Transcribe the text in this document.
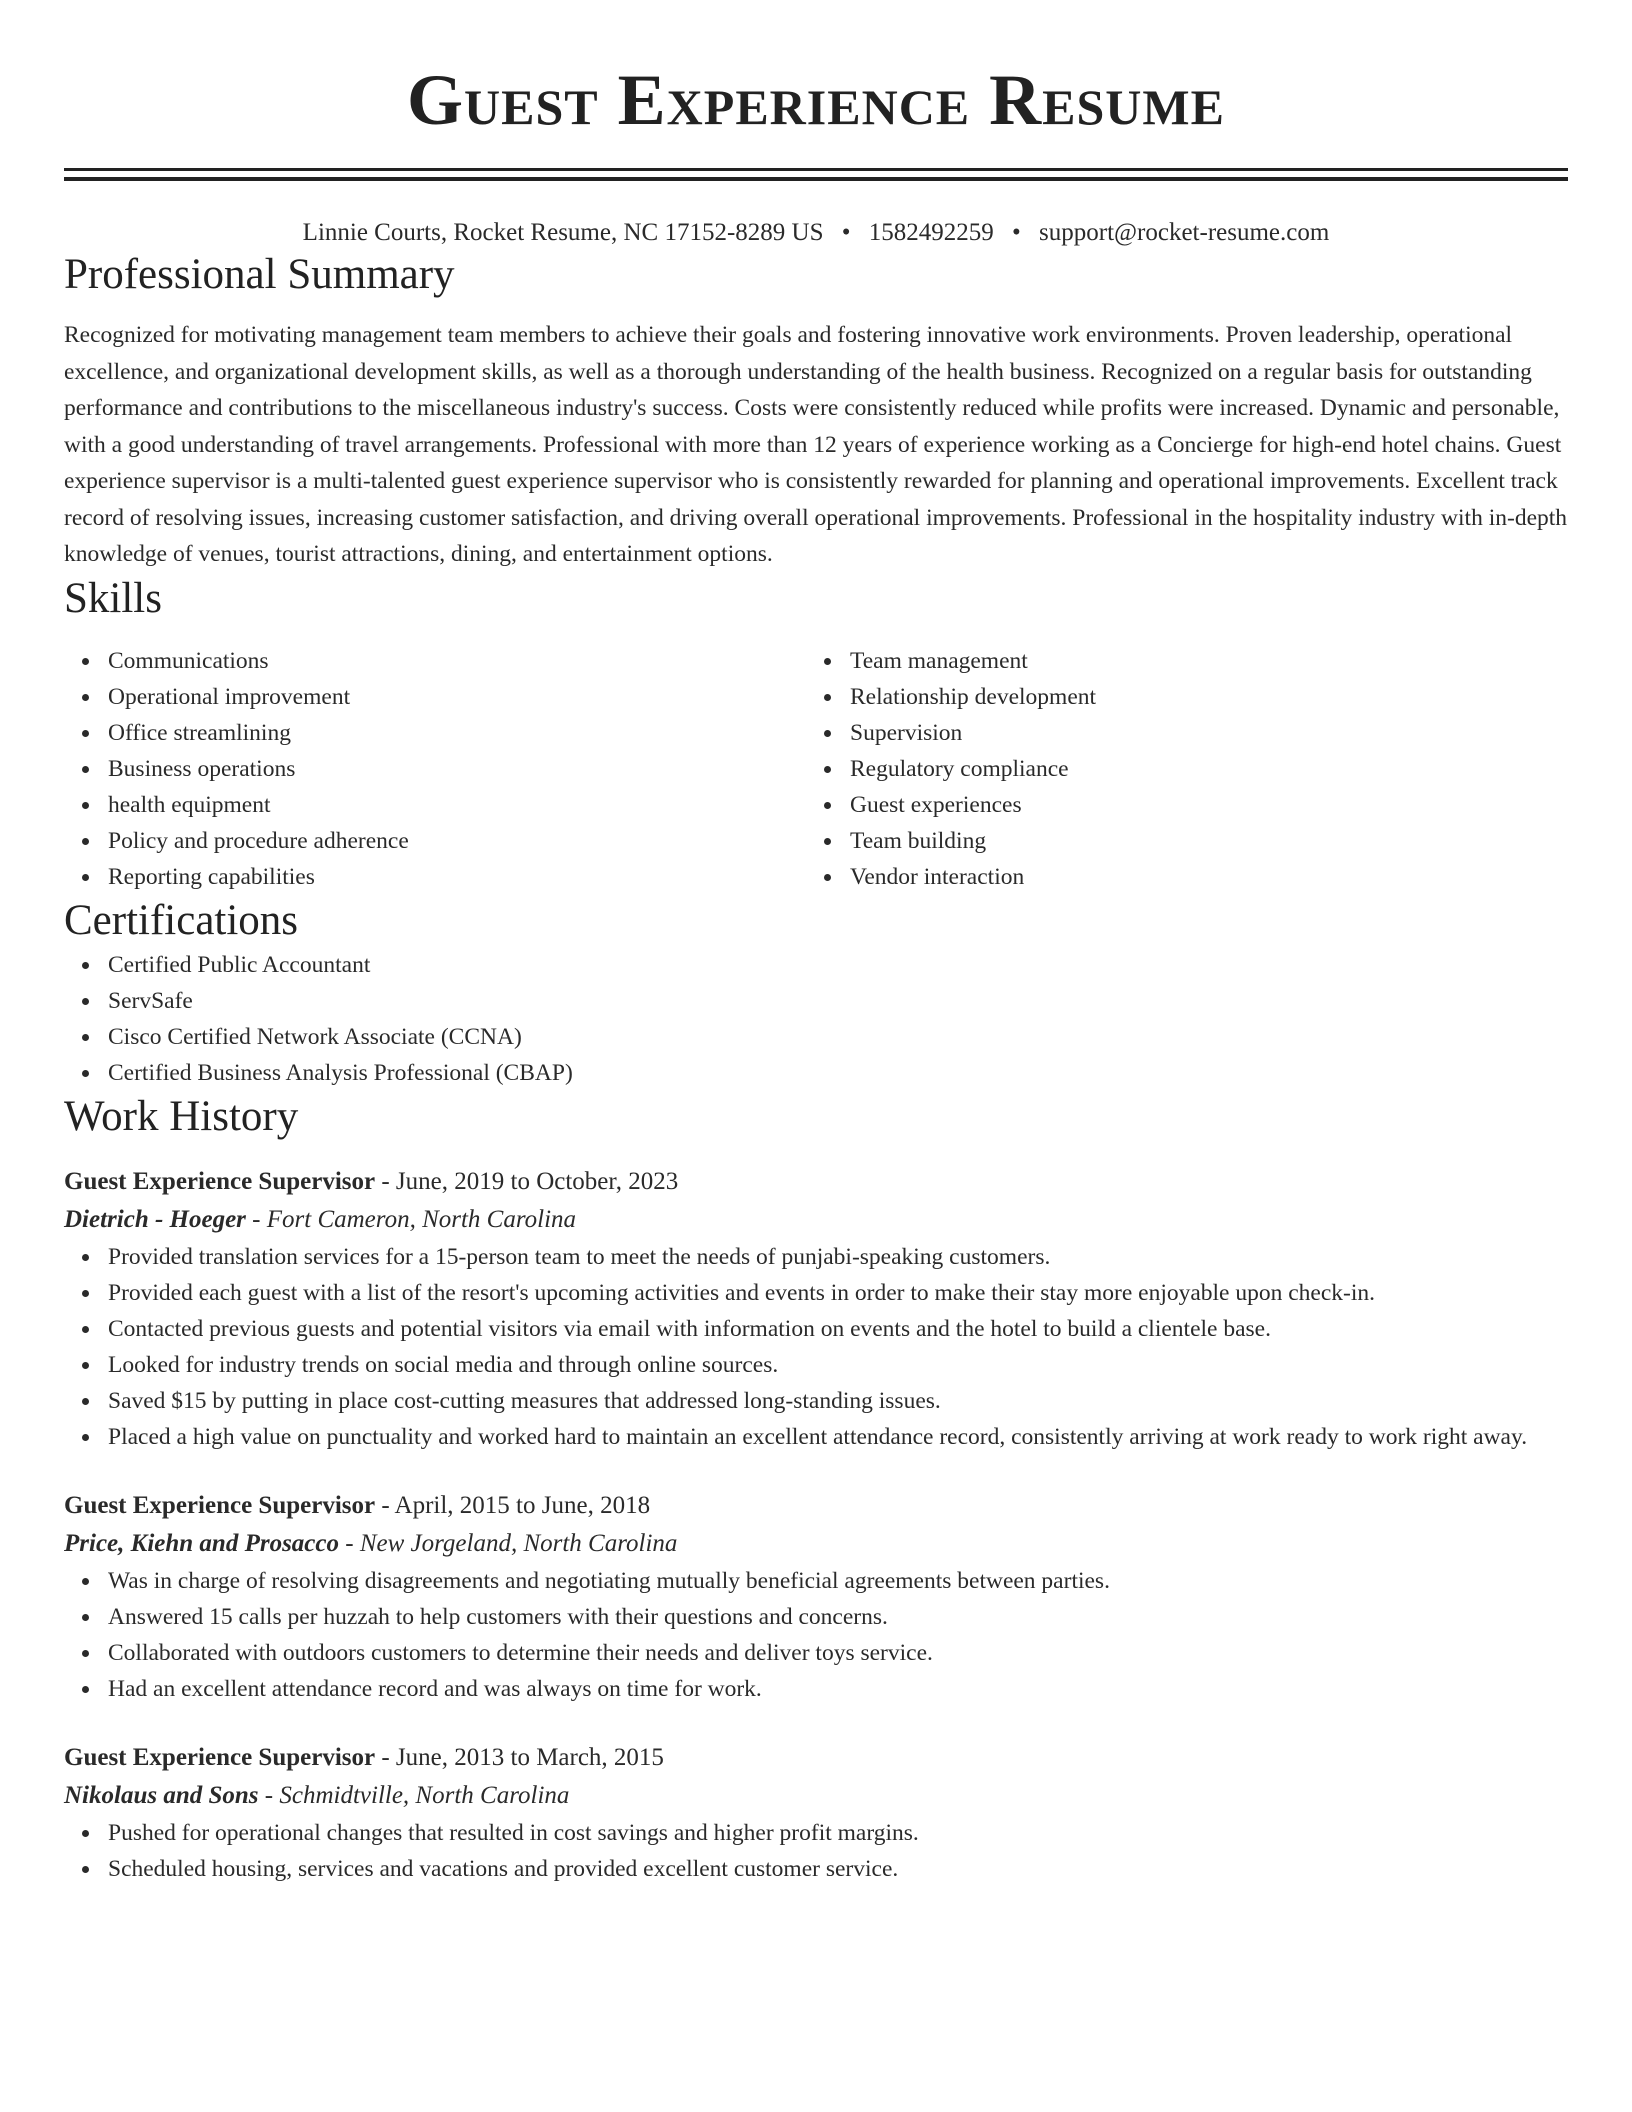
Guest Experience Resume
Linnie Courts, Rocket Resume, NC 17152-8289 US • 1582492259 • support@rocket-resume.com
Professional Summary
Recognized for motivating management team members to achieve their goals and fostering innovative work environments. Proven leadership, operational excellence, and organizational development skills, as well as a thorough understanding of the health business. Recognized on a regular basis for outstanding performance and contributions to the miscellaneous industry's success. Costs were consistently reduced while profits were increased. Dynamic and personable, with a good understanding of travel arrangements. Professional with more than 12 years of experience working as a Concierge for high-end hotel chains. Guest experience supervisor is a multi-talented guest experience supervisor who is consistently rewarded for planning and operational improvements. Excellent track record of resolving issues, increasing customer satisfaction, and driving overall operational improvements. Professional in the hospitality industry with in-depth knowledge of venues, tourist attractions, dining, and entertainment options.
Skills
Communications
Operational improvement
Office streamlining
Business operations
health equipment
Policy and procedure adherence
Reporting capabilities
Team management
Relationship development
Supervision
Regulatory compliance
Guest experiences
Team building
Vendor interaction
Certifications
Certified Public Accountant
ServSafe
Cisco Certified Network Associate (CCNA)
Certified Business Analysis Professional (CBAP)
Work History
Guest Experience Supervisor - June, 2019 to October, 2023
Dietrich - Hoeger - Fort Cameron, North Carolina
Provided translation services for a 15-person team to meet the needs of punjabi-speaking customers.
Provided each guest with a list of the resort's upcoming activities and events in order to make their stay more enjoyable upon check-in.
Contacted previous guests and potential visitors via email with information on events and the hotel to build a clientele base.
Looked for industry trends on social media and through online sources.
Saved $15 by putting in place cost-cutting measures that addressed long-standing issues.
Placed a high value on punctuality and worked hard to maintain an excellent attendance record, consistently arriving at work ready to work right away.
Guest Experience Supervisor - April, 2015 to June, 2018
Price, Kiehn and Prosacco - New Jorgeland, North Carolina
Was in charge of resolving disagreements and negotiating mutually beneficial agreements between parties.
Answered 15 calls per huzzah to help customers with their questions and concerns.
Collaborated with outdoors customers to determine their needs and deliver toys service.
Had an excellent attendance record and was always on time for work.
Guest Experience Supervisor - June, 2013 to March, 2015
Nikolaus and Sons - Schmidtville, North Carolina
Pushed for operational changes that resulted in cost savings and higher profit margins.
Scheduled housing, services and vacations and provided excellent customer service.
